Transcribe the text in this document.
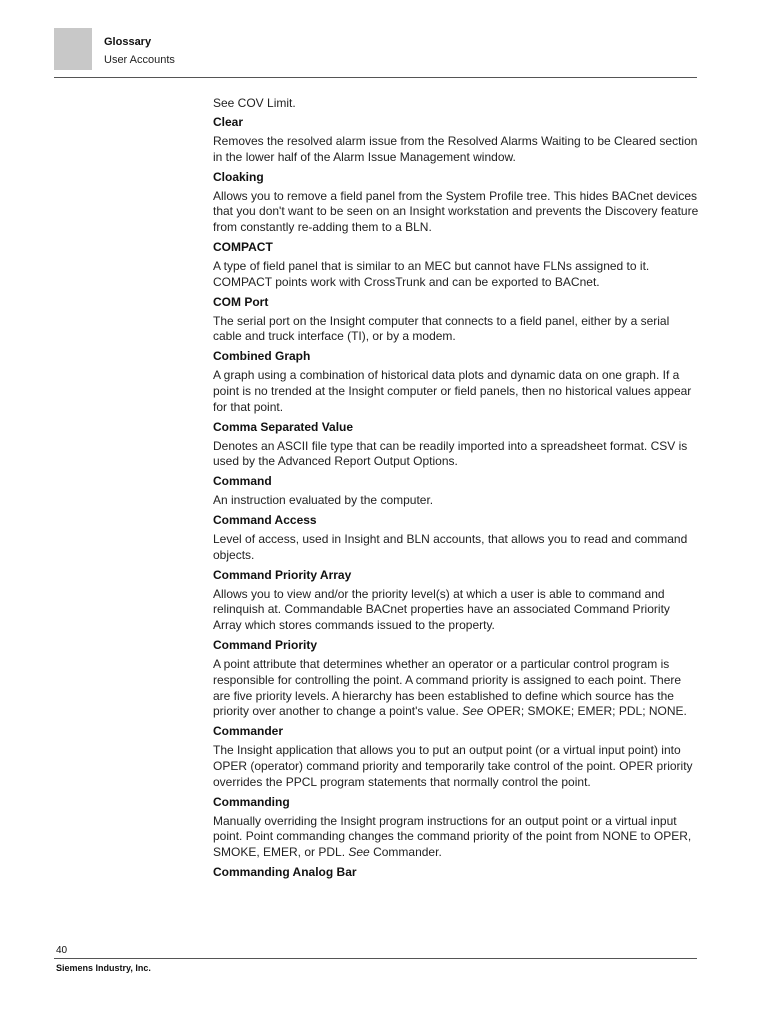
Glossary
User Accounts

See COV Limit.

Clear

Removes the resolved alarm issue from the Resolved Alarms Waiting to be Cleared section in the lower half of the Alarm Issue Management window.

Cloaking

Allows you to remove a field panel from the System Profile tree. This hides BACnet devices that you don't want to be seen on an Insight workstation and prevents the Discovery feature from constantly re-adding them to a BLN.

COMPACT

A type of field panel that is similar to an MEC but cannot have FLNs assigned to it. COMPACT points work with CrossTrunk and can be exported to BACnet.

COM Port

The serial port on the Insight computer that connects to a field panel, either by a serial cable and truck interface (TI), or by a modem.

Combined Graph

A graph using a combination of historical data plots and dynamic data on one graph. If a point is no trended at the Insight computer or field panels, then no historical values appear for that point.

Comma Separated Value

Denotes an ASCII file type that can be readily imported into a spreadsheet format. CSV is used by the Advanced Report Output Options.

Command

An instruction evaluated by the computer.

Command Access

Level of access, used in Insight and BLN accounts, that allows you to read and command objects.

Command Priority Array

Allows you to view and/or the priority level(s) at which a user is able to command and relinquish at. Commandable BACnet properties have an associated Command Priority Array which stores commands issued to the property.

Command Priority

A point attribute that determines whether an operator or a particular control program is responsible for controlling the point. A command priority is assigned to each point. There are five priority levels. A hierarchy has been established to define which source has the priority over another to change a point's value. See OPER; SMOKE; EMER; PDL; NONE.

Commander

The Insight application that allows you to put an output point (or a virtual input point) into OPER (operator) command priority and temporarily take control of the point. OPER priority overrides the PPCL program statements that normally control the point.

Commanding

Manually overriding the Insight program instructions for an output point or a virtual input point. Point commanding changes the command priority of the point from NONE to OPER, SMOKE, EMER, or PDL. See Commander.

Commanding Analog Bar
40
Siemens Industry, Inc.
